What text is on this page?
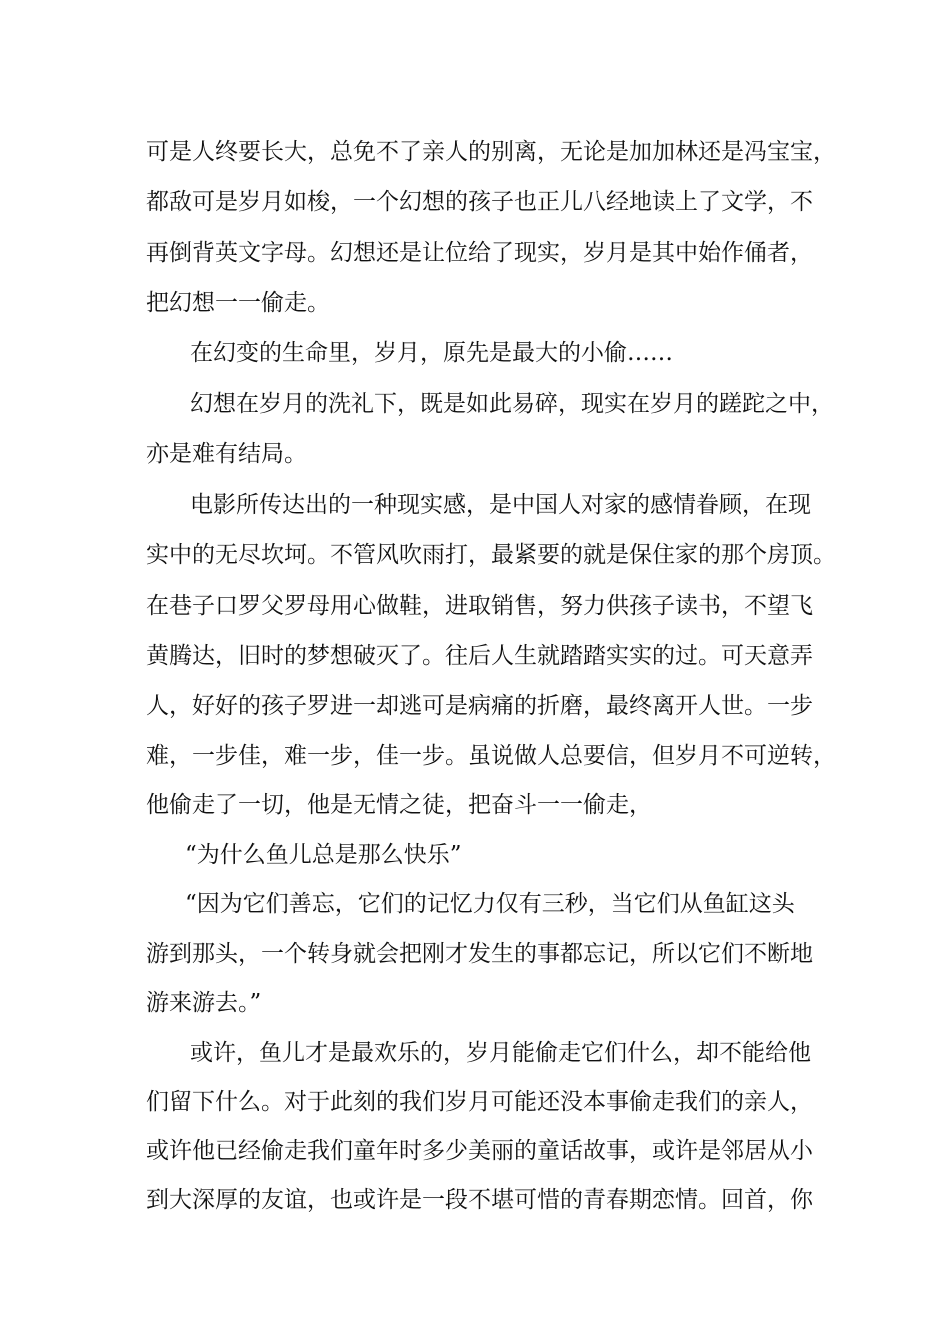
可是人终要长大，总免不了亲人的别离，无论是加加林还是冯宝宝，
都敌可是岁月如梭，一个幻想的孩子也正儿八经地读上了文学，不
再倒背英文字母。幻想还是让位给了现实，岁月是其中始作俑者，
把幻想一一偷走。
在幻变的生命里，岁月，原先是最大的小偷……
幻想在岁月的洗礼下，既是如此易碎，现实在岁月的蹉跎之中，
亦是难有结局。
电影所传达出的一种现实感，是中国人对家的感情眷顾，在现
实中的无尽坎坷。不管风吹雨打，最紧要的就是保住家的那个房顶。
在巷子口罗父罗母用心做鞋，进取销售，努力供孩子读书，不望飞
黄腾达，旧时的梦想破灭了。往后人生就踏踏实实的过。可天意弄
人，好好的孩子罗进一却逃可是病痛的折磨，最终离开人世。一步
难，一步佳，难一步，佳一步。虽说做人总要信，但岁月不可逆转，
他偷走了一切，他是无情之徒，把奋斗一一偷走，
“为什么鱼儿总是那么快乐”
“因为它们善忘，它们的记忆力仅有三秒，当它们从鱼缸这头
游到那头，一个转身就会把刚才发生的事都忘记，所以它们不断地
游来游去。”
或许，鱼儿才是最欢乐的，岁月能偷走它们什么，却不能给他
们留下什么。对于此刻的我们岁月可能还没本事偷走我们的亲人，
或许他已经偷走我们童年时多少美丽的童话故事，或许是邻居从小
到大深厚的友谊，也或许是一段不堪可惜的青春期恋情。回首，你
